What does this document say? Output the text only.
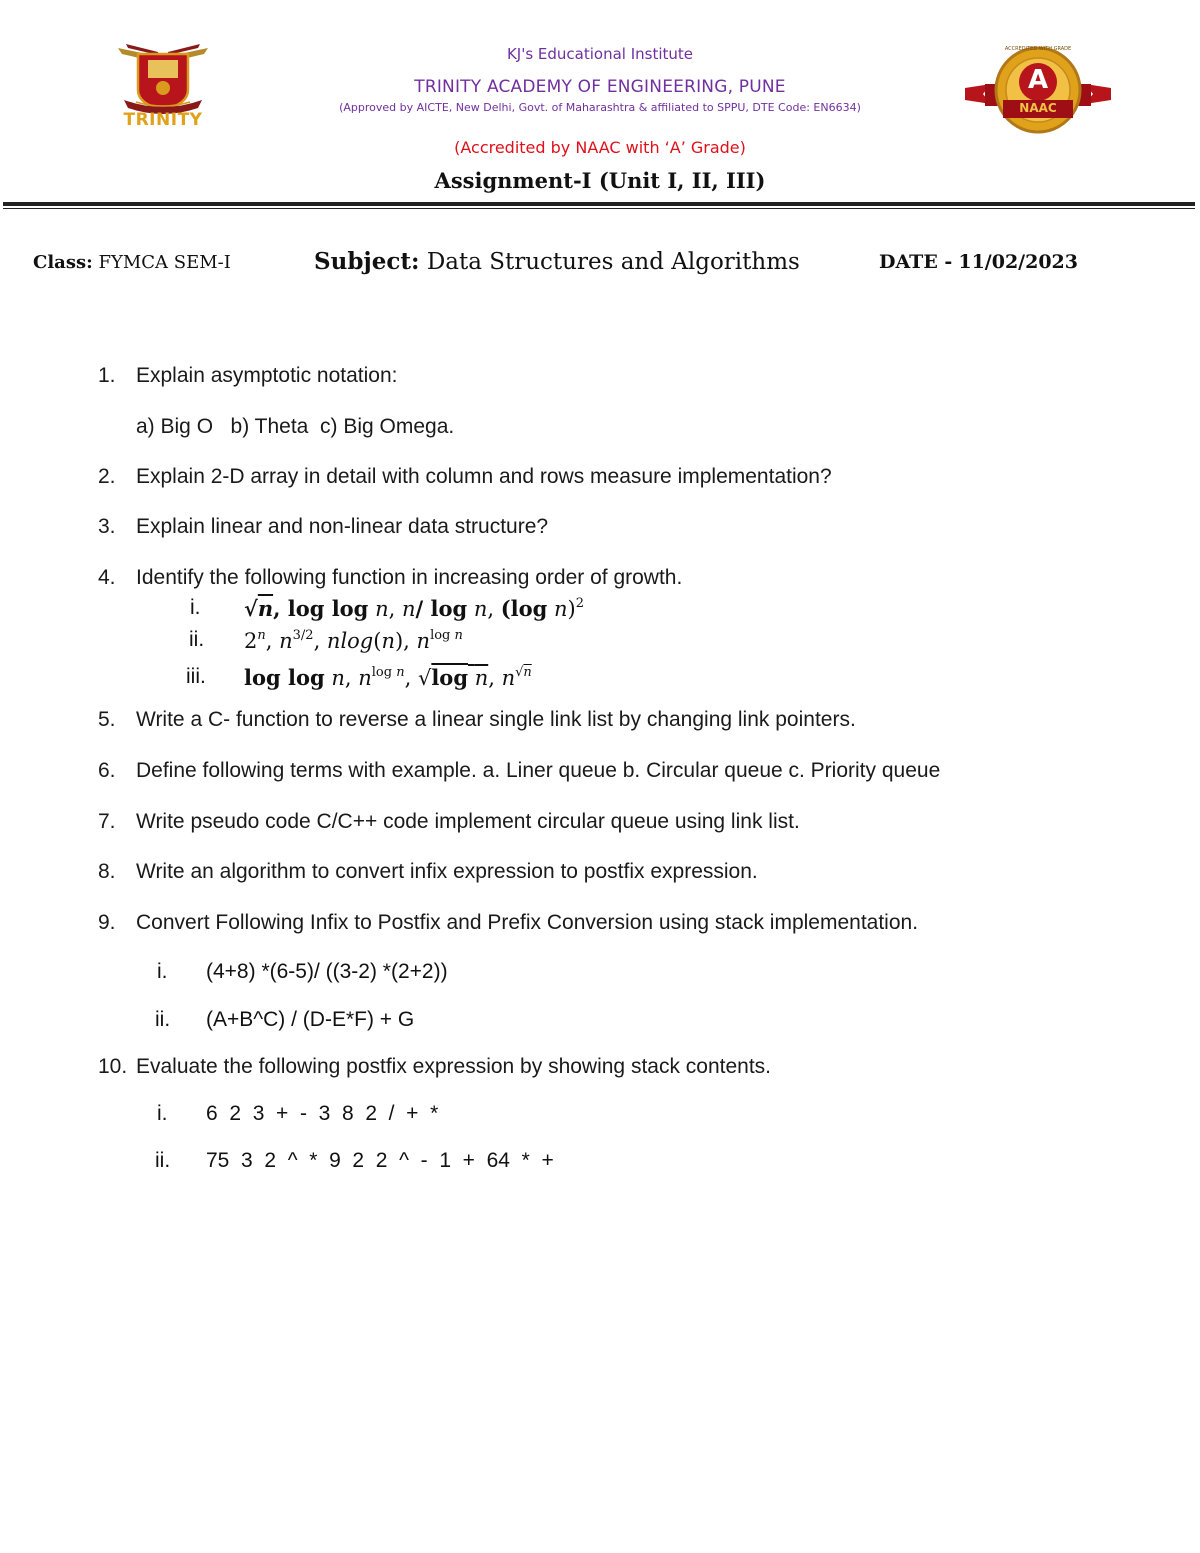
TRINITY
A
NAAC
ACCREDITED WITH GRADE
KJ's Educational Institute
TRINITY ACADEMY OF ENGINEERING, PUNE
(Approved by AICTE, New Delhi, Govt. of Maharashtra & affiliated to SPPU, DTE Code: EN6634)
(Accredited by NAAC with ‘A’ Grade)
Assignment-I (Unit I, II, III)
Class: FYMCA SEM-I	Subject: Data Structures and Algorithms	DATE - 11/02/2023
1. Explain asymptotic notation:
a) Big O   b) Theta  c) Big Omega.
2. Explain 2-D array in detail with column and rows measure implementation?
3. Explain linear and non-linear data structure?
4. Identify the following function in increasing order of growth.
i. √n, log log n, n/ log n, (log n)$^2$
ii. 2$^n$, $n^{3/2}$, nlog(n), $n^{log n}$
iii. log log n, $n^{log n}$, √log n, $n^{√n}$
5. Write a C- function to reverse a linear single link list by changing link pointers.
6. Define following terms with example. a. Liner queue b. Circular queue c. Priority queue
7. Write pseudo code C/C++ code implement circular queue using link list.
8. Write an algorithm to convert infix expression to postfix expression.
9. Convert Following Infix to Postfix and Prefix Conversion using stack implementation.
i. (4+8) *(6-5)/ ((3-2) *(2+2))
ii. (A+B^C) / (D-E*F) + G
10. Evaluate the following postfix expression by showing stack contents.
i. 6  2  3  +  -  3  8  2  /  +  *
ii. 75  3  2  ^  *  9  2  2  ^  -  1  +  64  *  +
